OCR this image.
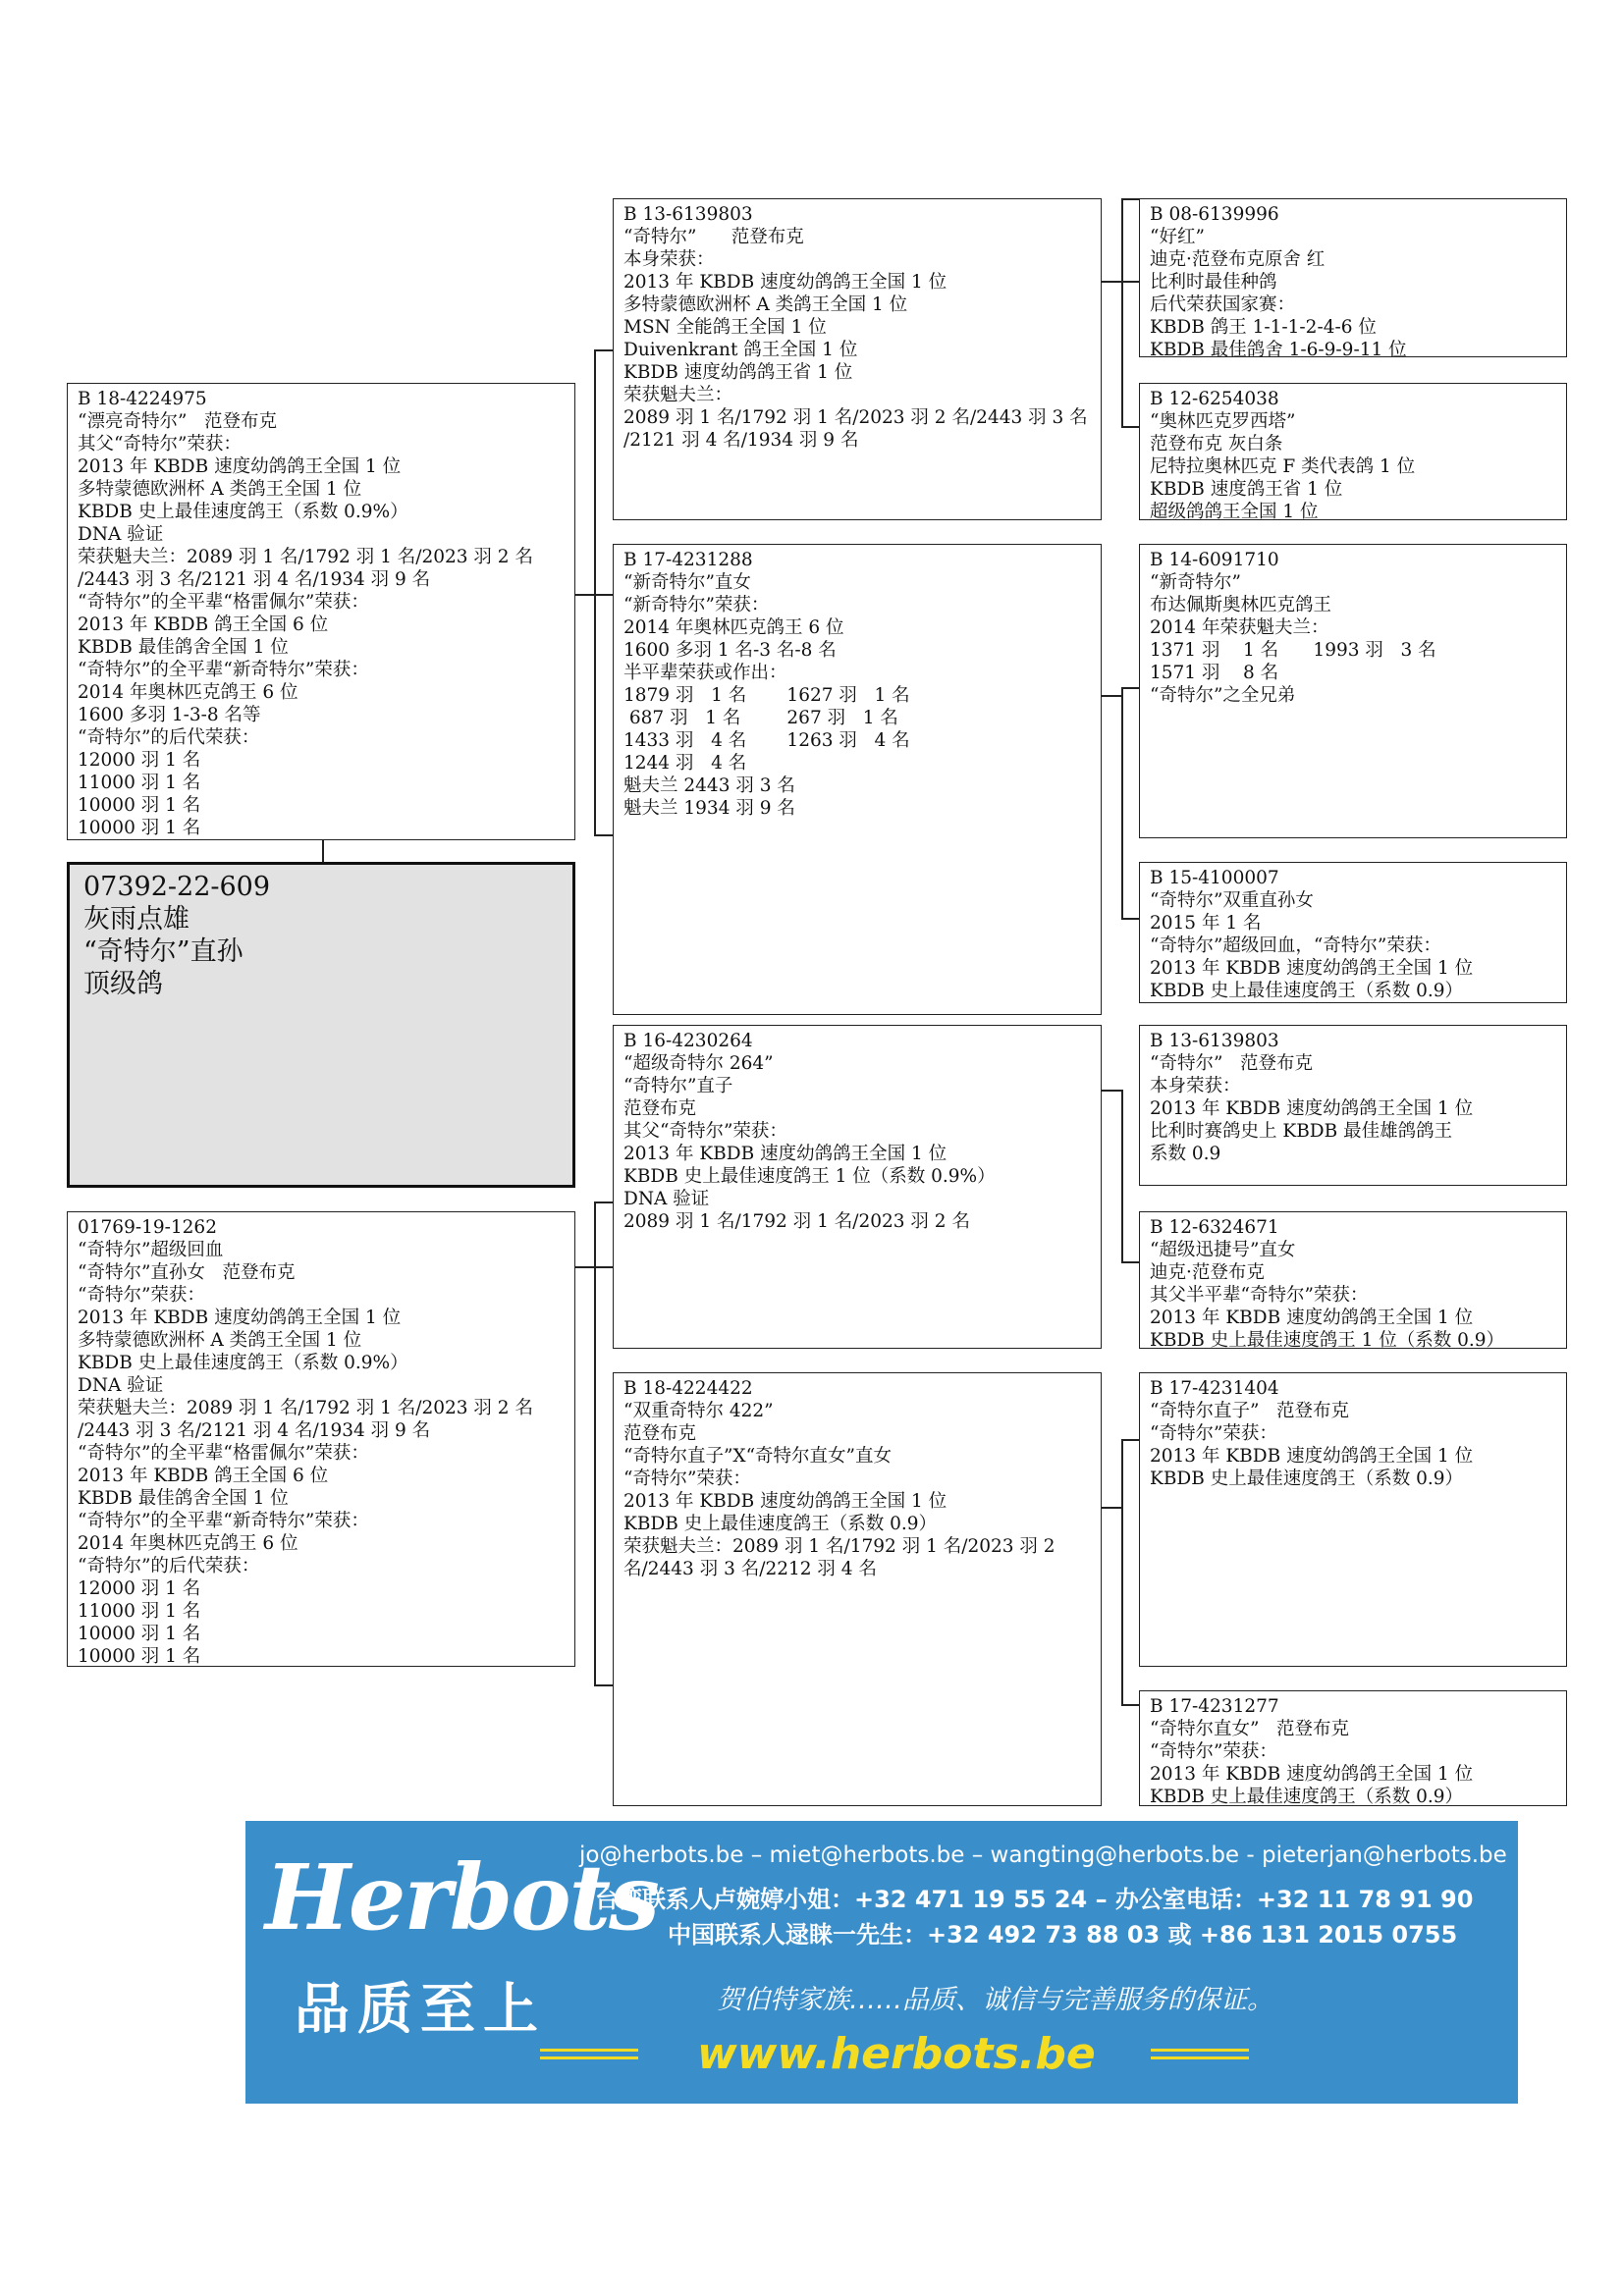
B 18-4224975
“漂亮奇特尔”   范登布克
其父“奇特尔”荣获：
2013 年 KBDB 速度幼鸽鸽王全国 1 位
多特蒙德欧洲杯 A 类鸽王全国 1 位
KBDB 史上最佳速度鸽王（系数 0.9%）
DNA 验证
荣获魁夫兰：2089 羽 1 名/1792 羽 1 名/2023 羽 2 名
/2443 羽 3 名/2121 羽 4 名/1934 羽 9 名
“奇特尔”的全平辈“格雷佩尔”荣获：
2013 年 KBDB 鸽王全国 6 位
KBDB 最佳鸽舍全国 1 位
“奇特尔”的全平辈“新奇特尔”荣获：
2014 年奥林匹克鸽王 6 位
1600 多羽 1-3-8 名等
“奇特尔”的后代荣获：
12000 羽 1 名
11000 羽 1 名
10000 羽 1 名
10000 羽 1 名
07392-22-609
灰雨点雄
“奇特尔”直孙
顶级鸽
01769-19-1262
“奇特尔”超级回血
“奇特尔”直孙女   范登布克
“奇特尔”荣获：
2013 年 KBDB 速度幼鸽鸽王全国 1 位
多特蒙德欧洲杯 A 类鸽王全国 1 位
KBDB 史上最佳速度鸽王（系数 0.9%）
DNA 验证
荣获魁夫兰：2089 羽 1 名/1792 羽 1 名/2023 羽 2 名
/2443 羽 3 名/2121 羽 4 名/1934 羽 9 名
“奇特尔”的全平辈“格雷佩尔”荣获：
2013 年 KBDB 鸽王全国 6 位
KBDB 最佳鸽舍全国 1 位
“奇特尔”的全平辈“新奇特尔”荣获：
2014 年奥林匹克鸽王 6 位
“奇特尔”的后代荣获：
12000 羽 1 名
11000 羽 1 名
10000 羽 1 名
10000 羽 1 名
B 13-6139803
“奇特尔”      范登布克
本身荣获：
2013 年 KBDB 速度幼鸽鸽王全国 1 位
多特蒙德欧洲杯 A 类鸽王全国 1 位
MSN 全能鸽王全国 1 位
Duivenkrant 鸽王全国 1 位
KBDB 速度幼鸽鸽王省 1 位
荣获魁夫兰：
2089 羽 1 名/1792 羽 1 名/2023 羽 2 名/2443 羽 3 名
/2121 羽 4 名/1934 羽 9 名
B 17-4231288
“新奇特尔”直女
“新奇特尔”荣获：
2014 年奥林匹克鸽王 6 位
1600 多羽 1 名-3 名-8 名
半平辈荣获或作出：
1879 羽   1 名       1627 羽   1 名
687 羽   1 名        267 羽   1 名
1433 羽   4 名       1263 羽   4 名
1244 羽   4 名
魁夫兰 2443 羽 3 名
魁夫兰 1934 羽 9 名
B 16-4230264
“超级奇特尔 264”
“奇特尔”直子
范登布克
其父“奇特尔”荣获：
2013 年 KBDB 速度幼鸽鸽王全国 1 位
KBDB 史上最佳速度鸽王 1 位（系数 0.9%）
DNA 验证
2089 羽 1 名/1792 羽 1 名/2023 羽 2 名
B 18-4224422
“双重奇特尔 422”
范登布克
“奇特尔直子”X“奇特尔直女”直女
“奇特尔”荣获：
2013 年 KBDB 速度幼鸽鸽王全国 1 位
KBDB 史上最佳速度鸽王（系数 0.9）
荣获魁夫兰：2089 羽 1 名/1792 羽 1 名/2023 羽 2
名/2443 羽 3 名/2212 羽 4 名
B 08-6139996
“好红”
迪克·范登布克原舍 红
比利时最佳种鸽
后代荣获国家赛：
KBDB 鸽王 1-1-1-2-4-6 位
KBDB 最佳鸽舍 1-6-9-9-11 位
B 12-6254038
“奥林匹克罗西塔”
范登布克 灰白条
尼特拉奥林匹克 F 类代表鸽 1 位
KBDB 速度鸽王省 1 位
超级鸽鸽王全国 1 位
B 14-6091710
“新奇特尔”
布达佩斯奥林匹克鸽王
2014 年荣获魁夫兰：
1371 羽    1 名      1993 羽   3 名
1571 羽    8 名
“奇特尔”之全兄弟
B 15-4100007
“奇特尔”双重直孙女
2015 年 1 名
“奇特尔”超级回血，“奇特尔”荣获：
2013 年 KBDB 速度幼鸽鸽王全国 1 位
KBDB 史上最佳速度鸽王（系数 0.9）
B 13-6139803
“奇特尔”   范登布克
本身荣获：
2013 年 KBDB 速度幼鸽鸽王全国 1 位
比利时赛鸽史上 KBDB 最佳雄鸽鸽王
系数 0.9
B 12-6324671
“超级迅捷号”直女
迪克·范登布克
其父半平辈“奇特尔”荣获：
2013 年 KBDB 速度幼鸽鸽王全国 1 位
KBDB 史上最佳速度鸽王 1 位（系数 0.9）
B 17-4231404
“奇特尔直子”   范登布克
“奇特尔”荣获：
2013 年 KBDB 速度幼鸽鸽王全国 1 位
KBDB 史上最佳速度鸽王（系数 0.9）
B 17-4231277
“奇特尔直女”   范登布克
“奇特尔”荣获：
2013 年 KBDB 速度幼鸽鸽王全国 1 位
KBDB 史上最佳速度鸽王（系数 0.9）
Herbots
品质至上
jo@herbots.be – miet@herbots.be – wangting@herbots.be - pieterjan@herbots.be
台湾联系人卢婉婷小姐：+32 471 19 55 24 – 办公室电话：+32 11 78 91 90
中国联系人逯睐一先生：+32 492 73 88 03 或 +86 131 2015 0755
贺伯特家族……品质、诚信与完善服务的保证。
www.herbots.be
